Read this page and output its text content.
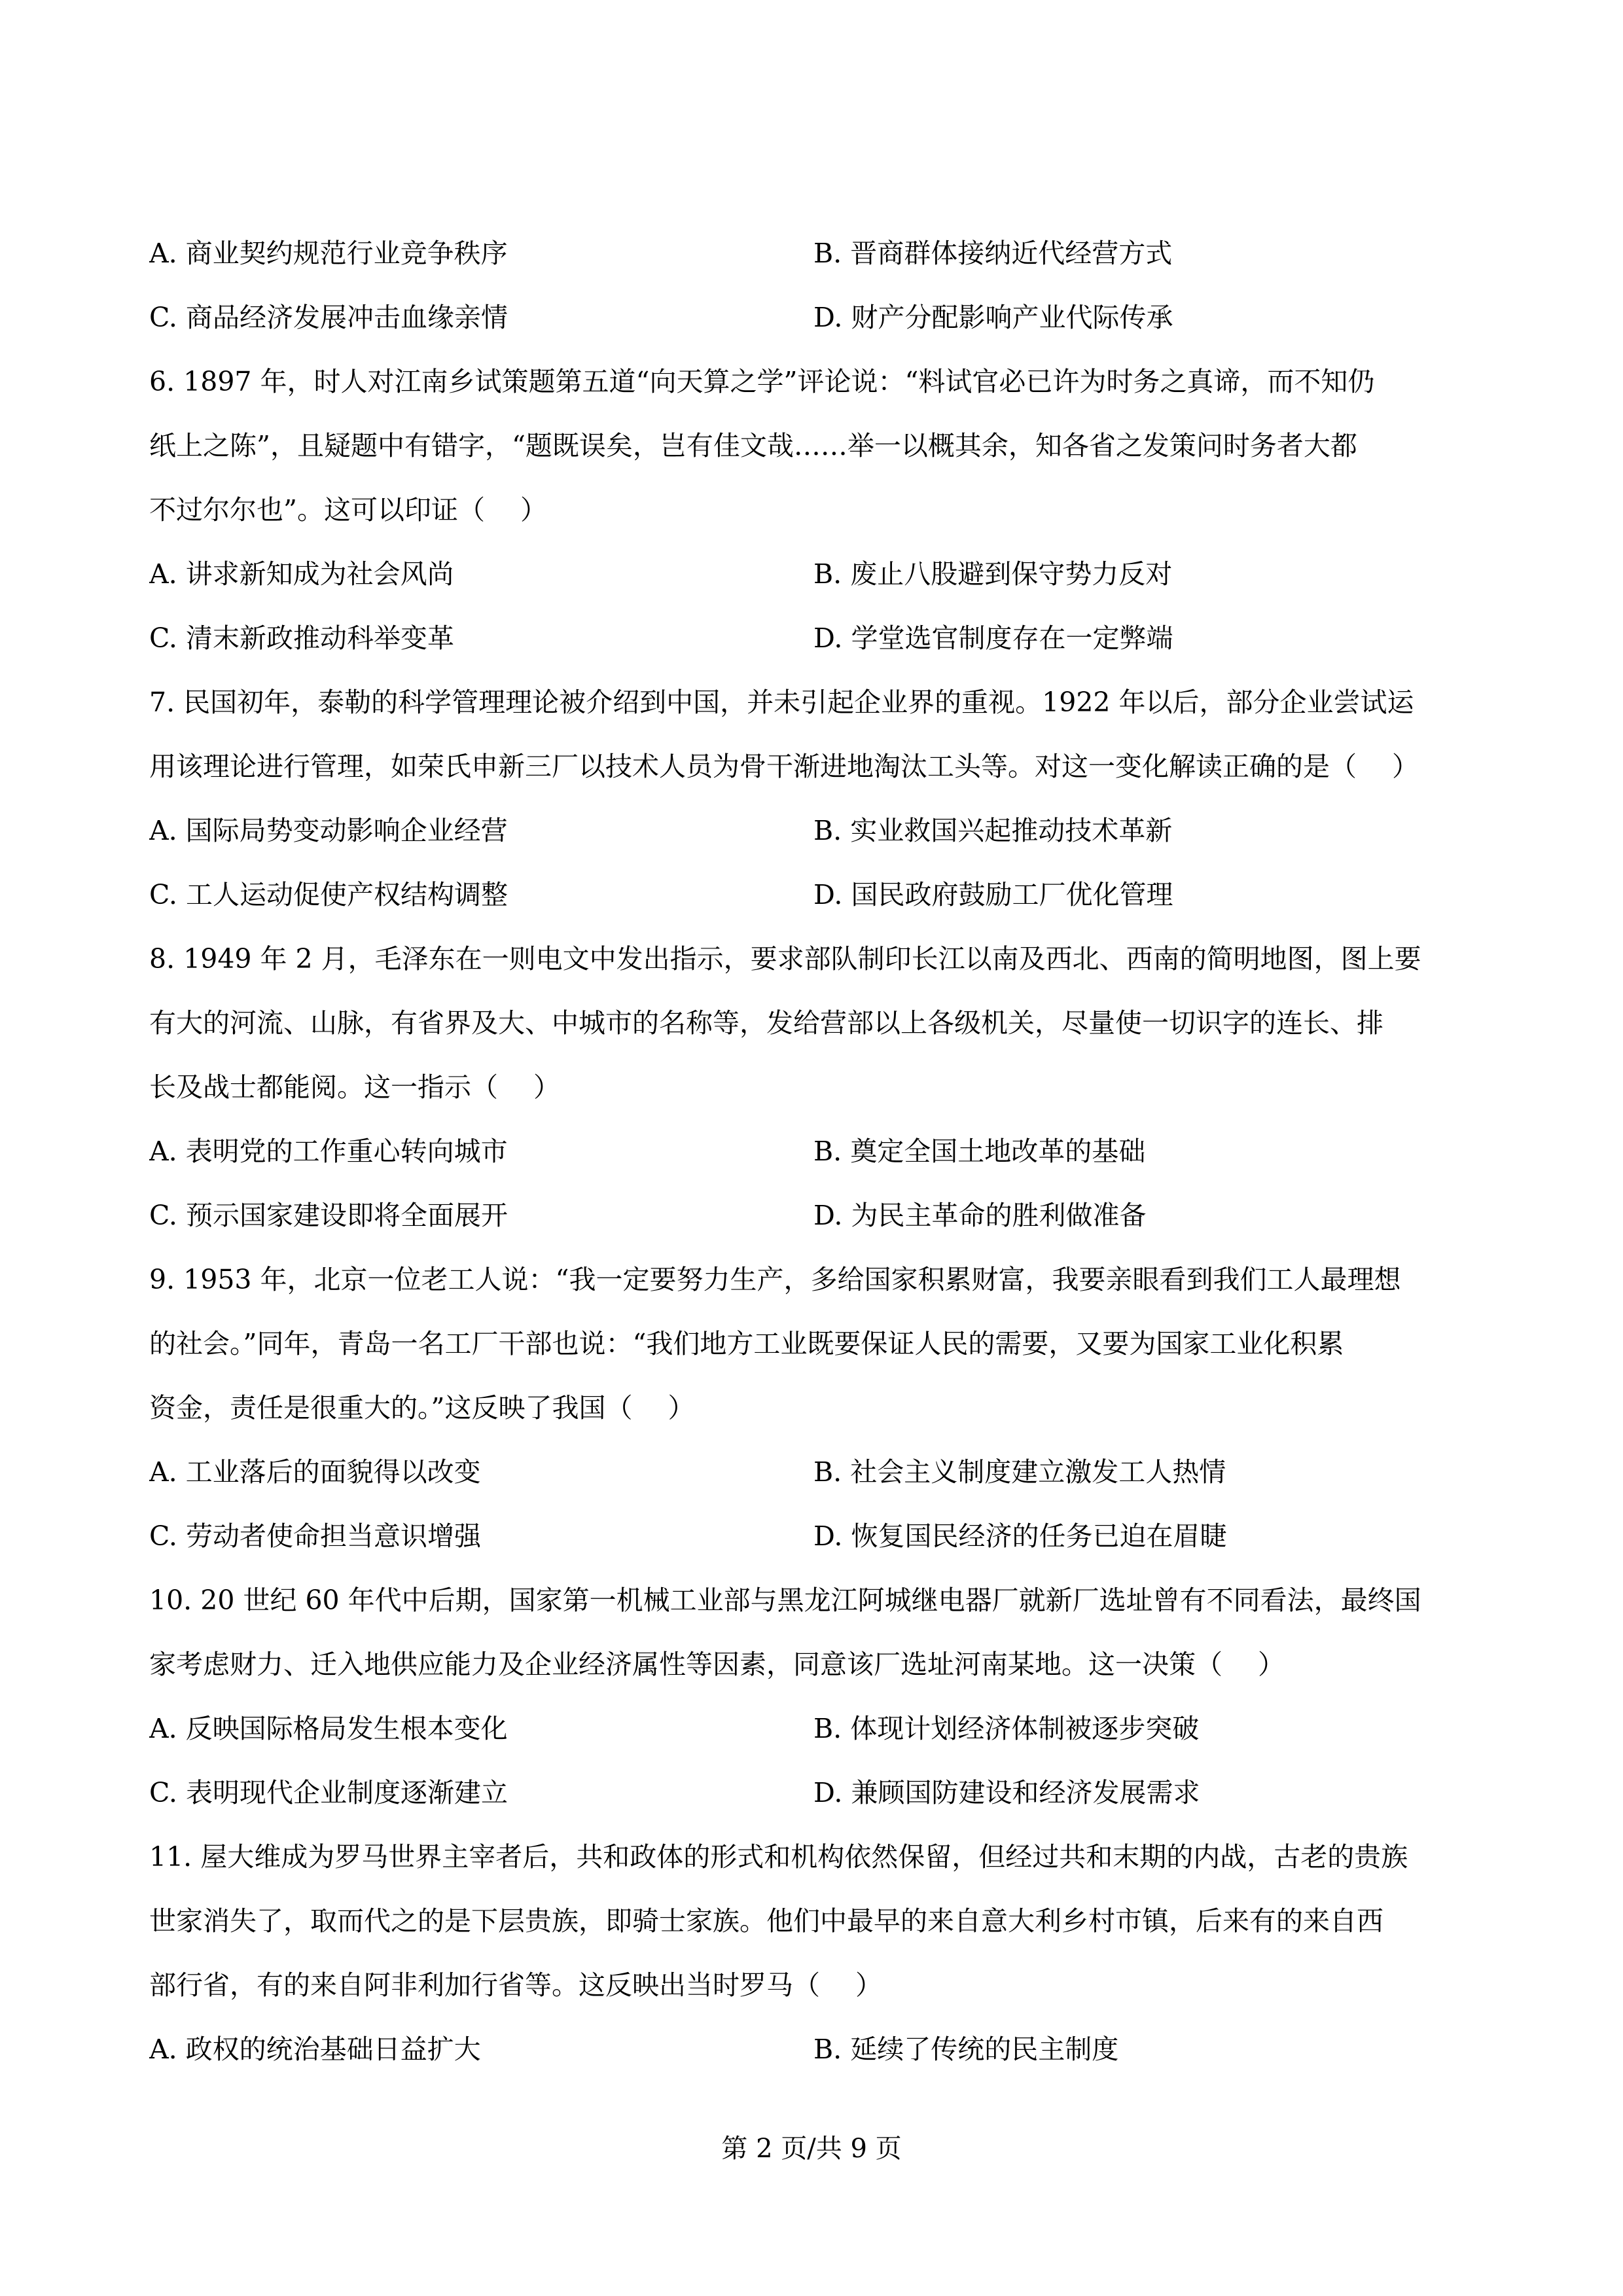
A. 商业契约规范行业竞争秩序	B. 晋商群体接纳近代经营方式
C. 商品经济发展冲击血缘亲情	D. 财产分配影响产业代际传承
6. 1897 年，时人对江南乡试策题第五道“向天算之学”评论说：“料试官必已许为时务之真谛，而不知仍
纸上之陈”，且疑题中有错字，“题既误矣，岂有佳文哉……举一以概其余，知各省之发策问时务者大都
不过尔尔也”。这可以印证（　 ）
A. 讲求新知成为社会风尚	B. 废止八股避到保守势力反对
C. 清末新政推动科举变革	D. 学堂选官制度存在一定弊端
7. 民国初年，泰勒的科学管理理论被介绍到中国，并未引起企业界的重视。1922 年以后，部分企业尝试运
用该理论进行管理，如荣氏申新三厂以技术人员为骨干渐进地淘汰工头等。对这一变化解读正确的是（　 ）
A. 国际局势变动影响企业经营	B. 实业救国兴起推动技术革新
C. 工人运动促使产权结构调整	D. 国民政府鼓励工厂优化管理
8. 1949 年 2 月，毛泽东在一则电文中发出指示，要求部队制印长江以南及西北、西南的简明地图，图上要
有大的河流、山脉，有省界及大、中城市的名称等，发给营部以上各级机关，尽量使一切识字的连长、排
长及战士都能阅。这一指示（　 ）
A. 表明党的工作重心转向城市	B. 奠定全国土地改革的基础
C. 预示国家建设即将全面展开	D. 为民主革命的胜利做准备
9. 1953 年，北京一位老工人说：“我一定要努力生产，多给国家积累财富，我要亲眼看到我们工人最理想
的社会。”同年，青岛一名工厂干部也说：“我们地方工业既要保证人民的需要，又要为国家工业化积累
资金，责任是很重大的。”这反映了我国（　 ）
A. 工业落后的面貌得以改变	B. 社会主义制度建立激发工人热情
C. 劳动者使命担当意识增强	D. 恢复国民经济的任务已迫在眉睫
10. 20 世纪 60 年代中后期，国家第一机械工业部与黑龙江阿城继电器厂就新厂选址曾有不同看法，最终国
家考虑财力、迁入地供应能力及企业经济属性等因素，同意该厂选址河南某地。这一决策（　 ）
A. 反映国际格局发生根本变化	B. 体现计划经济体制被逐步突破
C. 表明现代企业制度逐渐建立	D. 兼顾国防建设和经济发展需求
11. 屋大维成为罗马世界主宰者后，共和政体的形式和机构依然保留，但经过共和末期的内战，古老的贵族
世家消失了，取而代之的是下层贵族，即骑士家族。他们中最早的来自意大利乡村市镇，后来有的来自西
部行省，有的来自阿非利加行省等。这反映出当时罗马（　 ）
A. 政权的统治基础日益扩大	B. 延续了传统的民主制度
第 2 页/共 9 页
